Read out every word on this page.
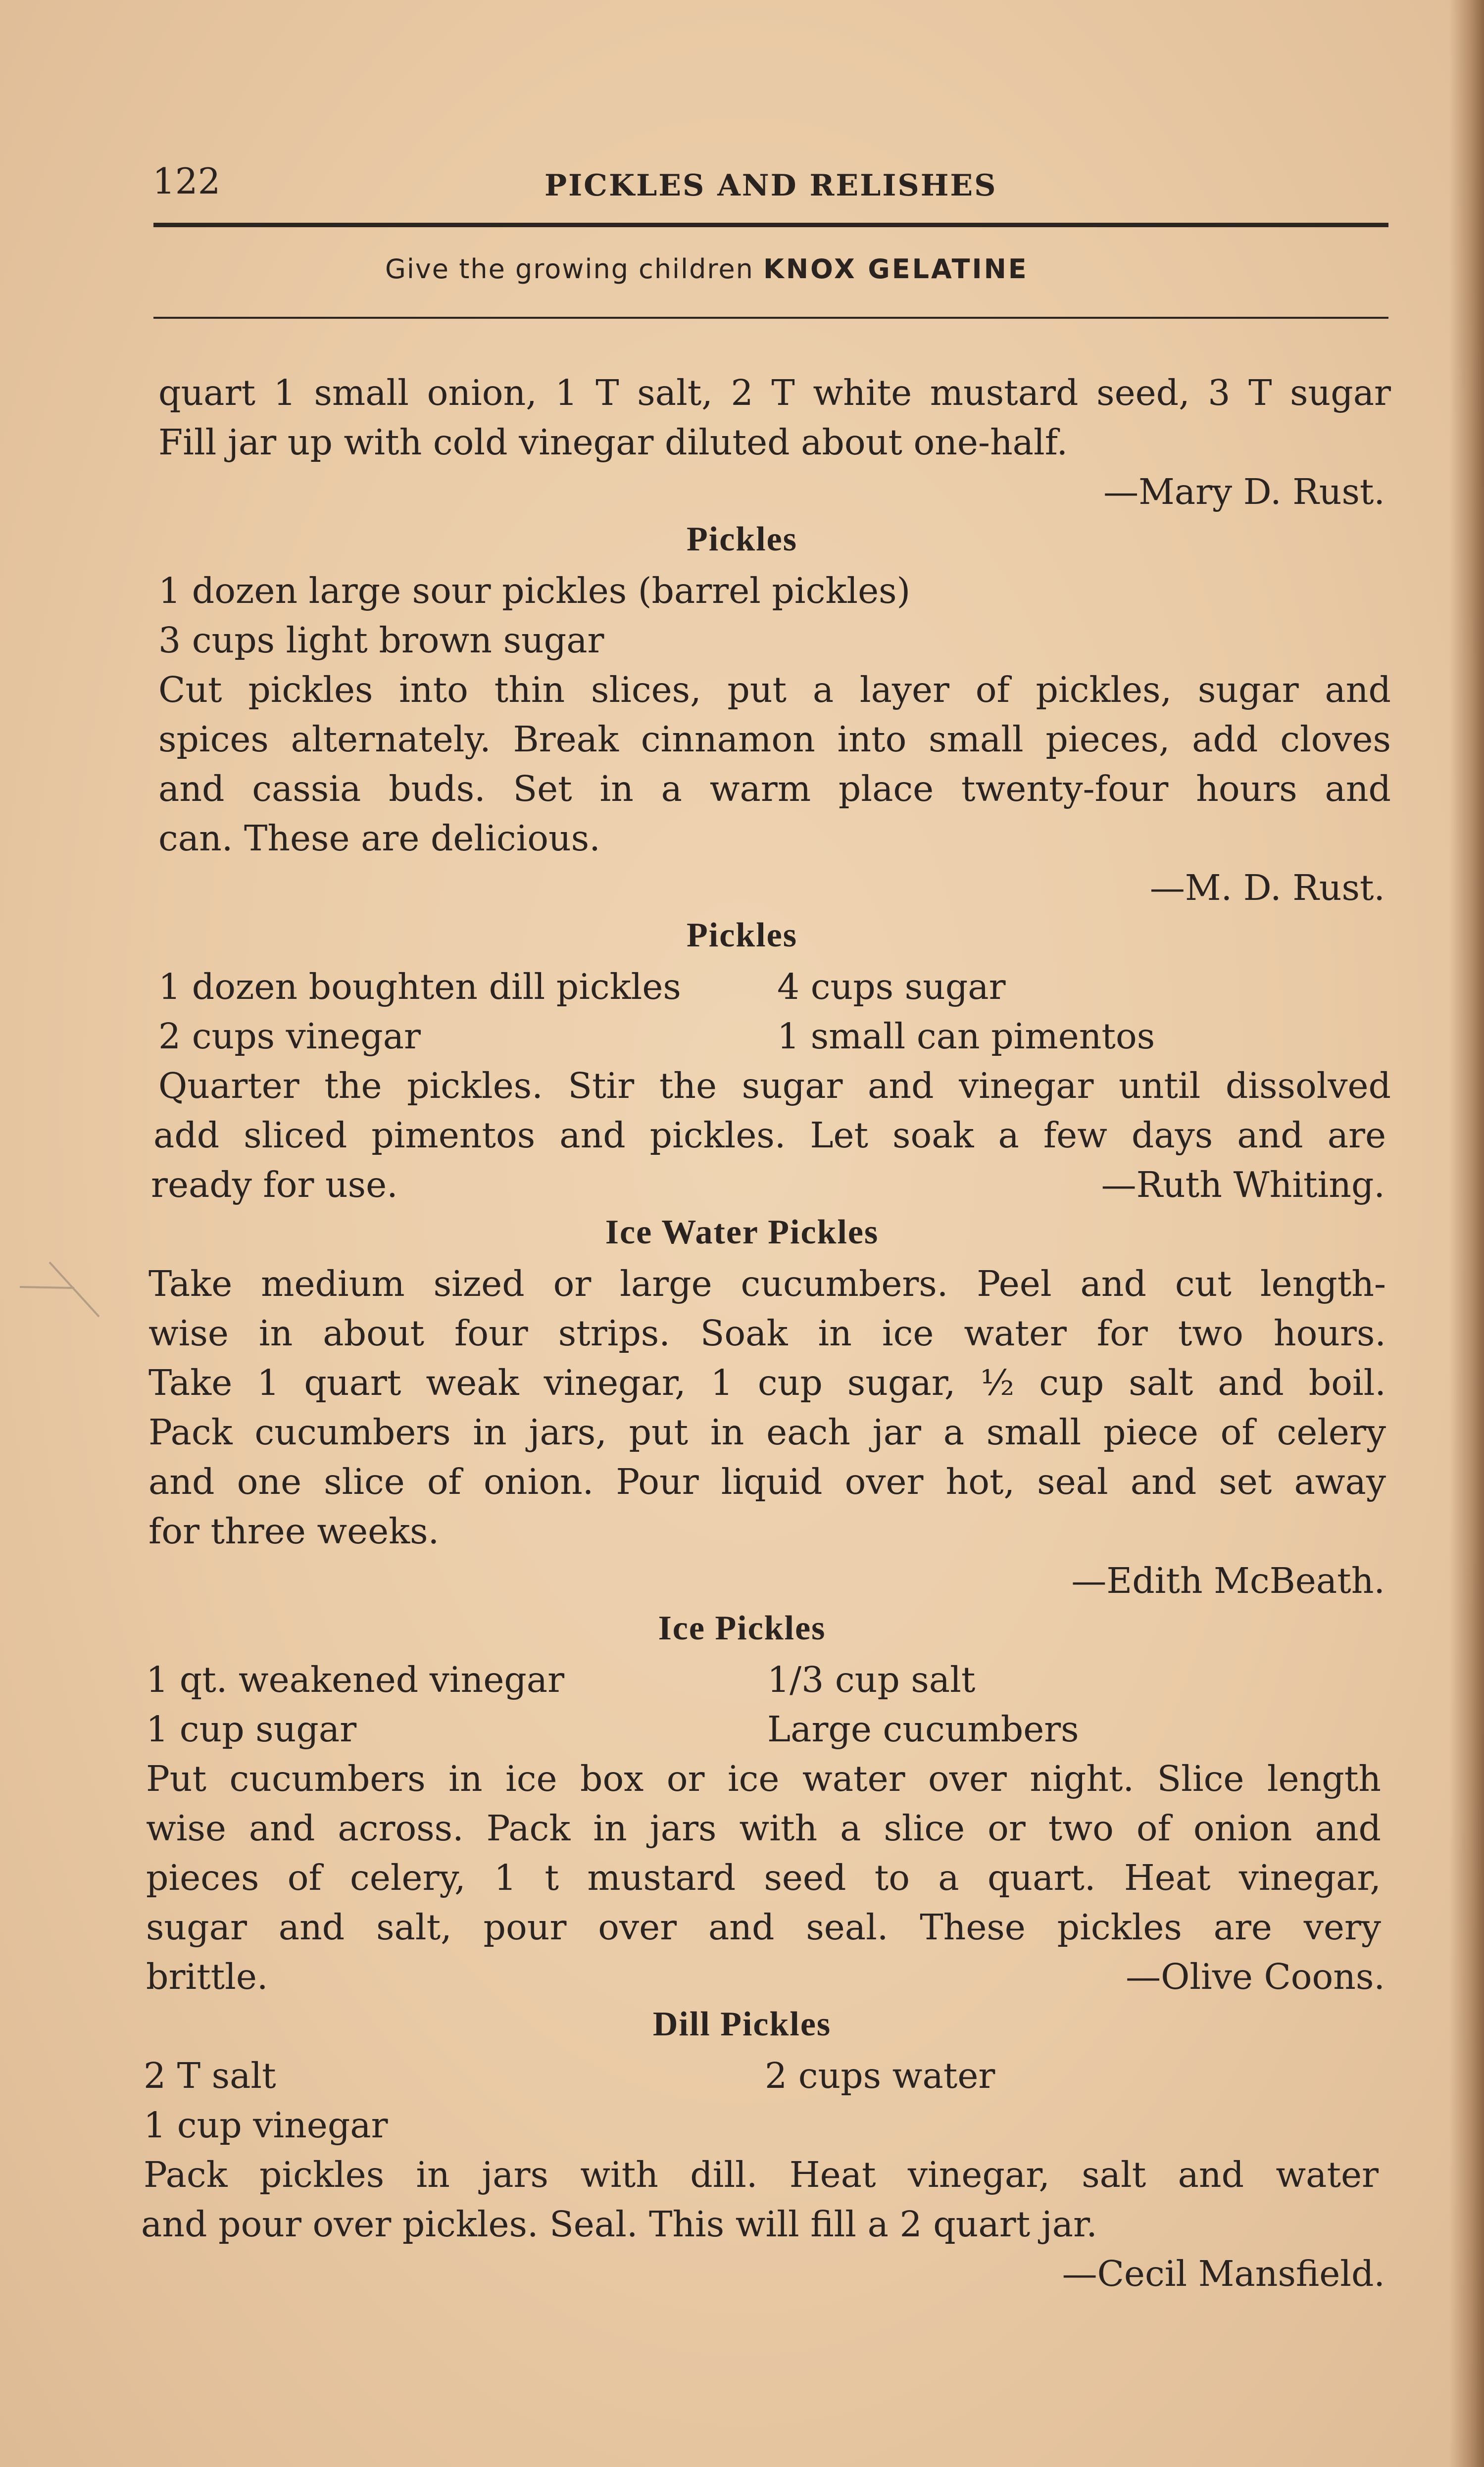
122	PICKLES AND RELISHES
Give the growing children KNOX GELATINE
quart 1 small onion, 1 T salt, 2 T white mustard seed, 3 T sugar
Fill jar up with cold vinegar diluted about one-half.
—Mary D. Rust.
Pickles
1 dozen large sour pickles (barrel pickles)
3 cups light brown sugar
Cut pickles into thin slices, put a layer of pickles, sugar and
spices alternately. Break cinnamon into small pieces, add cloves
and cassia buds. Set in a warm place twenty-four hours and
can. These are delicious.
—M. D. Rust.
Pickles
1 dozen boughten dill pickles	4 cups sugar
2 cups vinegar	1 small can pimentos
Quarter the pickles. Stir the sugar and vinegar until dissolved
add sliced pimentos and pickles. Let soak a few days and are
ready for use.	—Ruth Whiting.
Ice Water Pickles
Take medium sized or large cucumbers. Peel and cut length-
wise in about four strips. Soak in ice water for two hours.
Take 1 quart weak vinegar, 1 cup sugar, ½ cup salt and boil.
Pack cucumbers in jars, put in each jar a small piece of celery
and one slice of onion. Pour liquid over hot, seal and set away
for three weeks.
—Edith McBeath.
Ice Pickles
1 qt. weakened vinegar	1/3 cup salt
1 cup sugar	Large cucumbers
Put cucumbers in ice box or ice water over night. Slice length
wise and across. Pack in jars with a slice or two of onion and
pieces of celery, 1 t mustard seed to a quart. Heat vinegar,
sugar and salt, pour over and seal. These pickles are very
brittle.	—Olive Coons.
Dill Pickles
2 T salt	2 cups water
1 cup vinegar
Pack pickles in jars with dill. Heat vinegar, salt and water
and pour over pickles. Seal. This will fill a 2 quart jar.
—Cecil Mansfield.
